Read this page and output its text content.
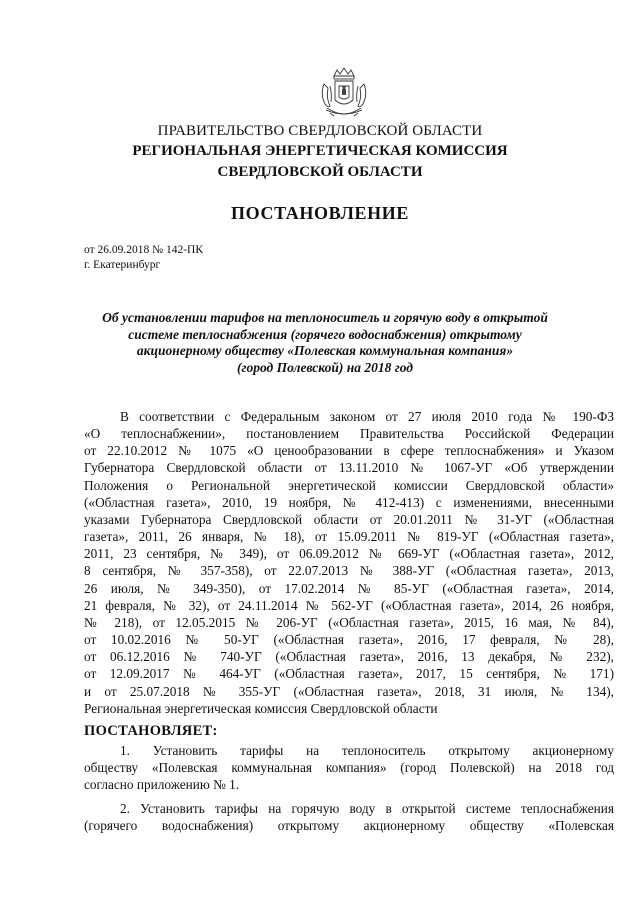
ПРАВИТЕЛЬСТВО СВЕРДЛОВСКОЙ ОБЛАСТИ
РЕГИОНАЛЬНАЯ ЭНЕРГЕТИЧЕСКАЯ КОМИССИЯ
СВЕРДЛОВСКОЙ ОБЛАСТИ
ПОСТАНОВЛЕНИЕ
от 26.09.2018 № 142-ПК
г. Екатеринбург
Об установлении тарифов на теплоноситель и горячую воду в открытой
системе теплоснабжения (горячего водоснабжения) открытому
акционерному обществу «Полевская коммунальная компания»
(город Полевской) на 2018 год
В соответствии с Федеральным законом от 27 июля 2010 года № 190-ФЗ
«О теплоснабжении», постановлением Правительства Российской Федерации
от 22.10.2012 № 1075 «О ценообразовании в сфере теплоснабжения» и Указом
Губернатора Свердловской области от 13.11.2010 № 1067-УГ «Об утверждении
Положения о Региональной энергетической комиссии Свердловской области»
(«Областная газета», 2010, 19 ноября, № 412-413) с изменениями, внесенными
указами Губернатора Свердловской области от 20.01.2011 № 31-УГ («Областная
газета», 2011, 26 января, № 18), от 15.09.2011 № 819-УГ («Областная газета»,
2011, 23 сентября, № 349), от 06.09.2012 № 669-УГ («Областная газета», 2012,
8 сентября, № 357-358), от 22.07.2013 № 388-УГ («Областная газета», 2013,
26 июля, № 349-350), от 17.02.2014 № 85-УГ («Областная газета», 2014,
21 февраля, № 32), от 24.11.2014 № 562-УГ («Областная газета», 2014, 26 ноября,
№ 218), от 12.05.2015 № 206-УГ («Областная газета», 2015, 16 мая, № 84),
от 10.02.2016 № 50-УГ («Областная газета», 2016, 17 февраля, № 28),
от 06.12.2016 № 740-УГ («Областная газета», 2016, 13 декабря, № 232),
от 12.09.2017 № 464-УГ («Областная газета», 2017, 15 сентября, № 171)
и от 25.07.2018 № 355-УГ («Областная газета», 2018, 31 июля, № 134),
Региональная энергетическая комиссия Свердловской области
ПОСТАНОВЛЯЕТ:
1. Установить тарифы на теплоноситель открытому акционерному
обществу «Полевская коммунальная компания» (город Полевской) на 2018 год
согласно приложению № 1.
2. Установить тарифы на горячую воду в открытой системе теплоснабжения
(горячего водоснабжения) открытому акционерному обществу «Полевская
